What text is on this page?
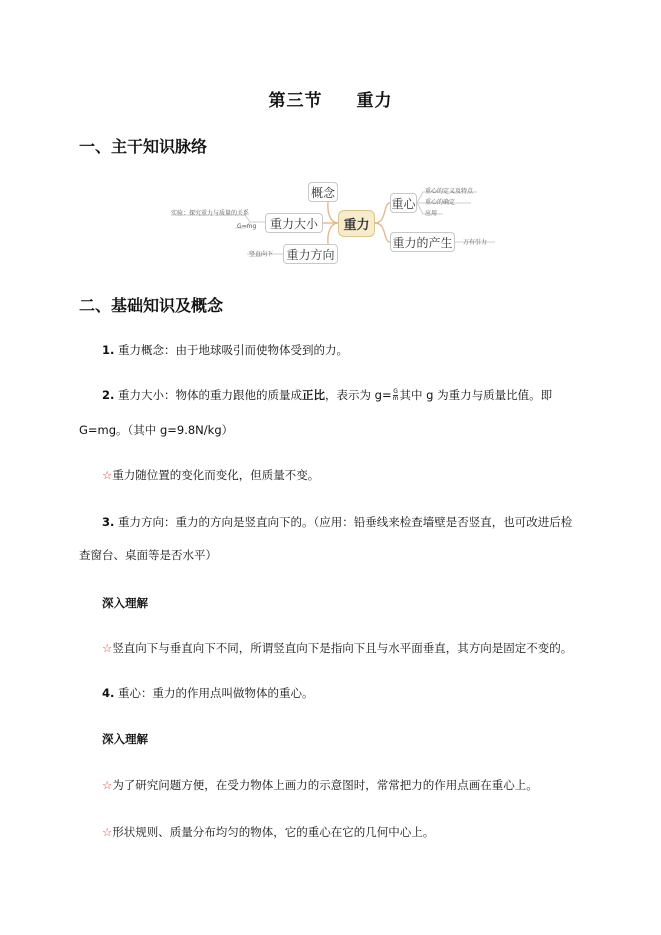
第三节 重力
一、主干知识脉络
重力
概念
重力大小
重力方向
重心
重力的产生
实验：探究重力与质量的关系
G=mg
竖直向下
重心的定义及特点
重心的确定
应用
万有引力
二、基础知识及概念
1. 重力概念：由于地球吸引而使物体受到的力。
2. 重力大小：物体的重力跟他的质量成正比，表示为 $g= \frac{G}{m}$ 其中 g 为重力与质量比值。即
G=mg。（其中 g=9.8N/kg）
☆重力随位置的变化而变化，但质量不变。
3. 重力方向：重力的方向是竖直向下的。（应用：铅垂线来检查墙壁是否竖直，也可改进后检
查窗台、桌面等是否水平）
深入理解
☆竖直向下与垂直向下不同，所谓竖直向下是指向下且与水平面垂直，其方向是固定不变的。
4. 重心：重力的作用点叫做物体的重心。
深入理解
☆为了研究问题方便，在受力物体上画力的示意图时，常常把力的作用点画在重心上。
☆形状规则、质量分布均匀的物体，它的重心在它的几何中心上。
